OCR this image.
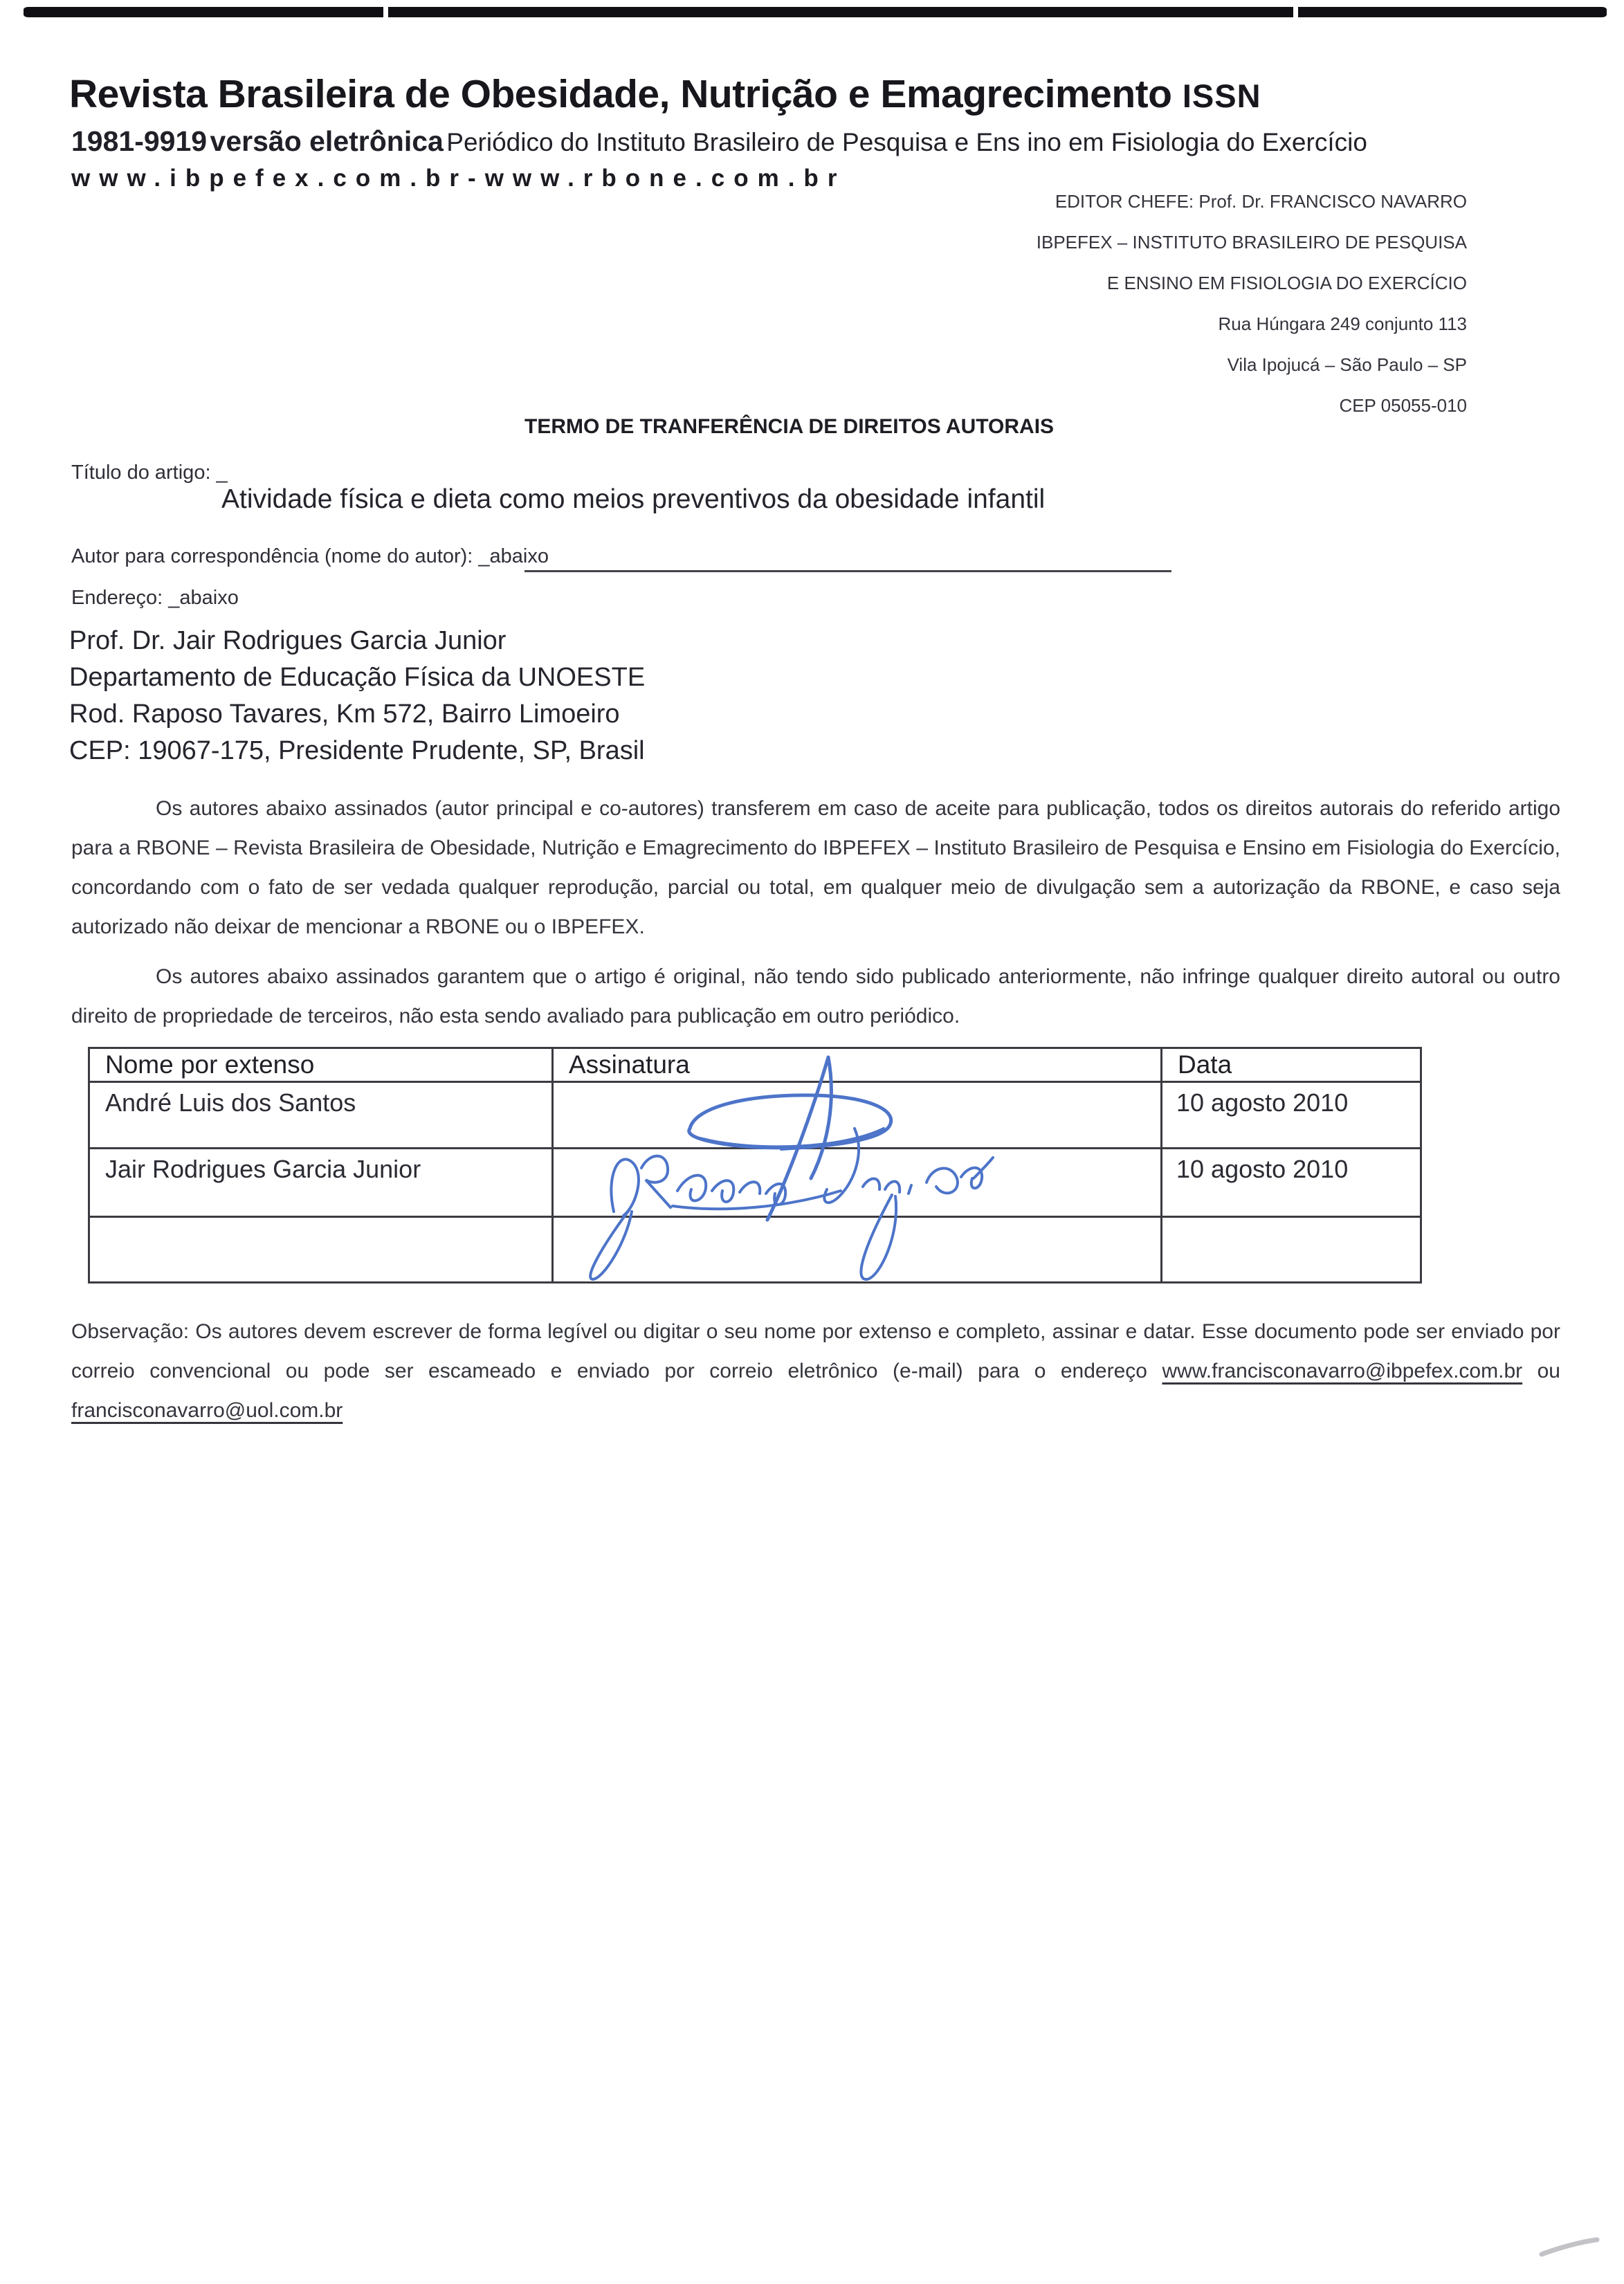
Revista Brasileira de Obesidade, Nutrição e Emagrecimento ISSN
1981-9919 versão eletrônica Periódico do Instituto Brasileiro de Pesquisa e Ens ino em Fisiologia do Exercício
www.ibpefex.com.br-www.rbone.com.br
EDITOR CHEFE: Prof. Dr. FRANCISCO NAVARRO
IBPEFEX – INSTITUTO BRASILEIRO DE PESQUISA
E ENSINO EM FISIOLOGIA DO EXERCÍCIO
Rua Húngara 249 conjunto 113
Vila Ipojucá – São Paulo – SP
CEP 05055-010
TERMO DE TRANFERÊNCIA DE DIREITOS AUTORAIS
Título do artigo: _
Atividade física e dieta como meios preventivos da obesidade infantil
Autor para correspondência (nome do autor): _abaixo
Endereço: _abaixo
Prof. Dr. Jair Rodrigues Garcia Junior
Departamento de Educação Física da UNOESTE
Rod. Raposo Tavares, Km 572, Bairro Limoeiro
CEP: 19067-175, Presidente Prudente, SP, Brasil
Os autores abaixo assinados (autor principal e co-autores) transferem em caso de aceite para publicação, todos os direitos autorais do referido artigo para a RBONE – Revista Brasileira de Obesidade, Nutrição e Emagrecimento do IBPEFEX – Instituto Brasileiro de Pesquisa e Ensino em Fisiologia do Exercício, concordando com o fato de ser vedada qualquer reprodução, parcial ou total, em qualquer meio de divulgação sem a autorização da RBONE, e caso seja autorizado não deixar de mencionar a RBONE ou o IBPEFEX.
Os autores abaixo assinados garantem que o artigo é original, não tendo sido publicado anteriormente, não infringe qualquer direito autoral ou outro direito de propriedade de terceiros, não esta sendo avaliado para publicação em outro periódico.
Nome por extenso	Assinatura	Data
André Luis dos Santos		10 agosto 2010
Jair Rodrigues Garcia Junior		10 agosto 2010

Observação: Os autores devem escrever de forma legível ou digitar o seu nome por extenso e completo, assinar e datar. Esse documento pode ser enviado por correio convencional ou pode ser escameado e enviado por correio eletrônico (e-mail) para o endereço www.francisconavarro@ibpefex.com.br ou francisconavarro@uol.com.br
